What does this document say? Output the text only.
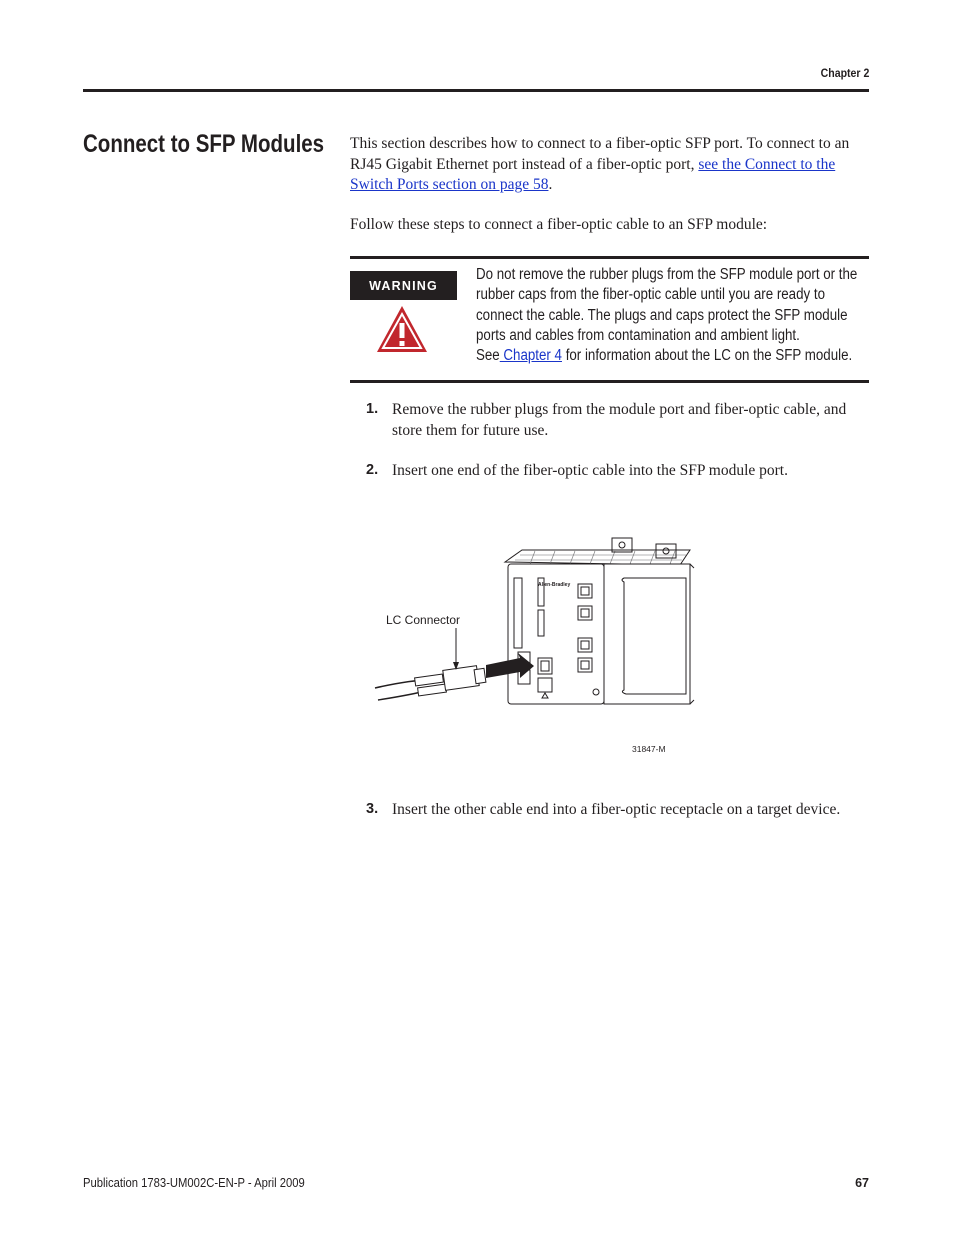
Chapter 2
Connect to SFP Modules This section describes how to connect to a fiber-optic SFP port. To connect to an RJ45 Gigabit Ethernet port instead of a fiber-optic port, see the Connect to the Switch Ports section on page 58.
Follow these steps to connect a fiber-optic cable to an SFP module:
WARNING
Do not remove the rubber plugs from the SFP module port or the rubber caps from the fiber-optic cable until you are ready to connect the cable. The plugs and caps protect the SFP module ports and cables from contamination and ambient light.
See Chapter 4 for information about the LC on the SFP module.
1. Remove the rubber plugs from the module port and fiber-optic cable, and store them for future use.
2. Insert one end of the fiber-optic cable into the SFP module port.
Allen-Bradley
LC Connector
31847-M
3. Insert the other cable end into a fiber-optic receptacle on a target device.
Publication 1783-UM002C-EN-P - April 2009	67
